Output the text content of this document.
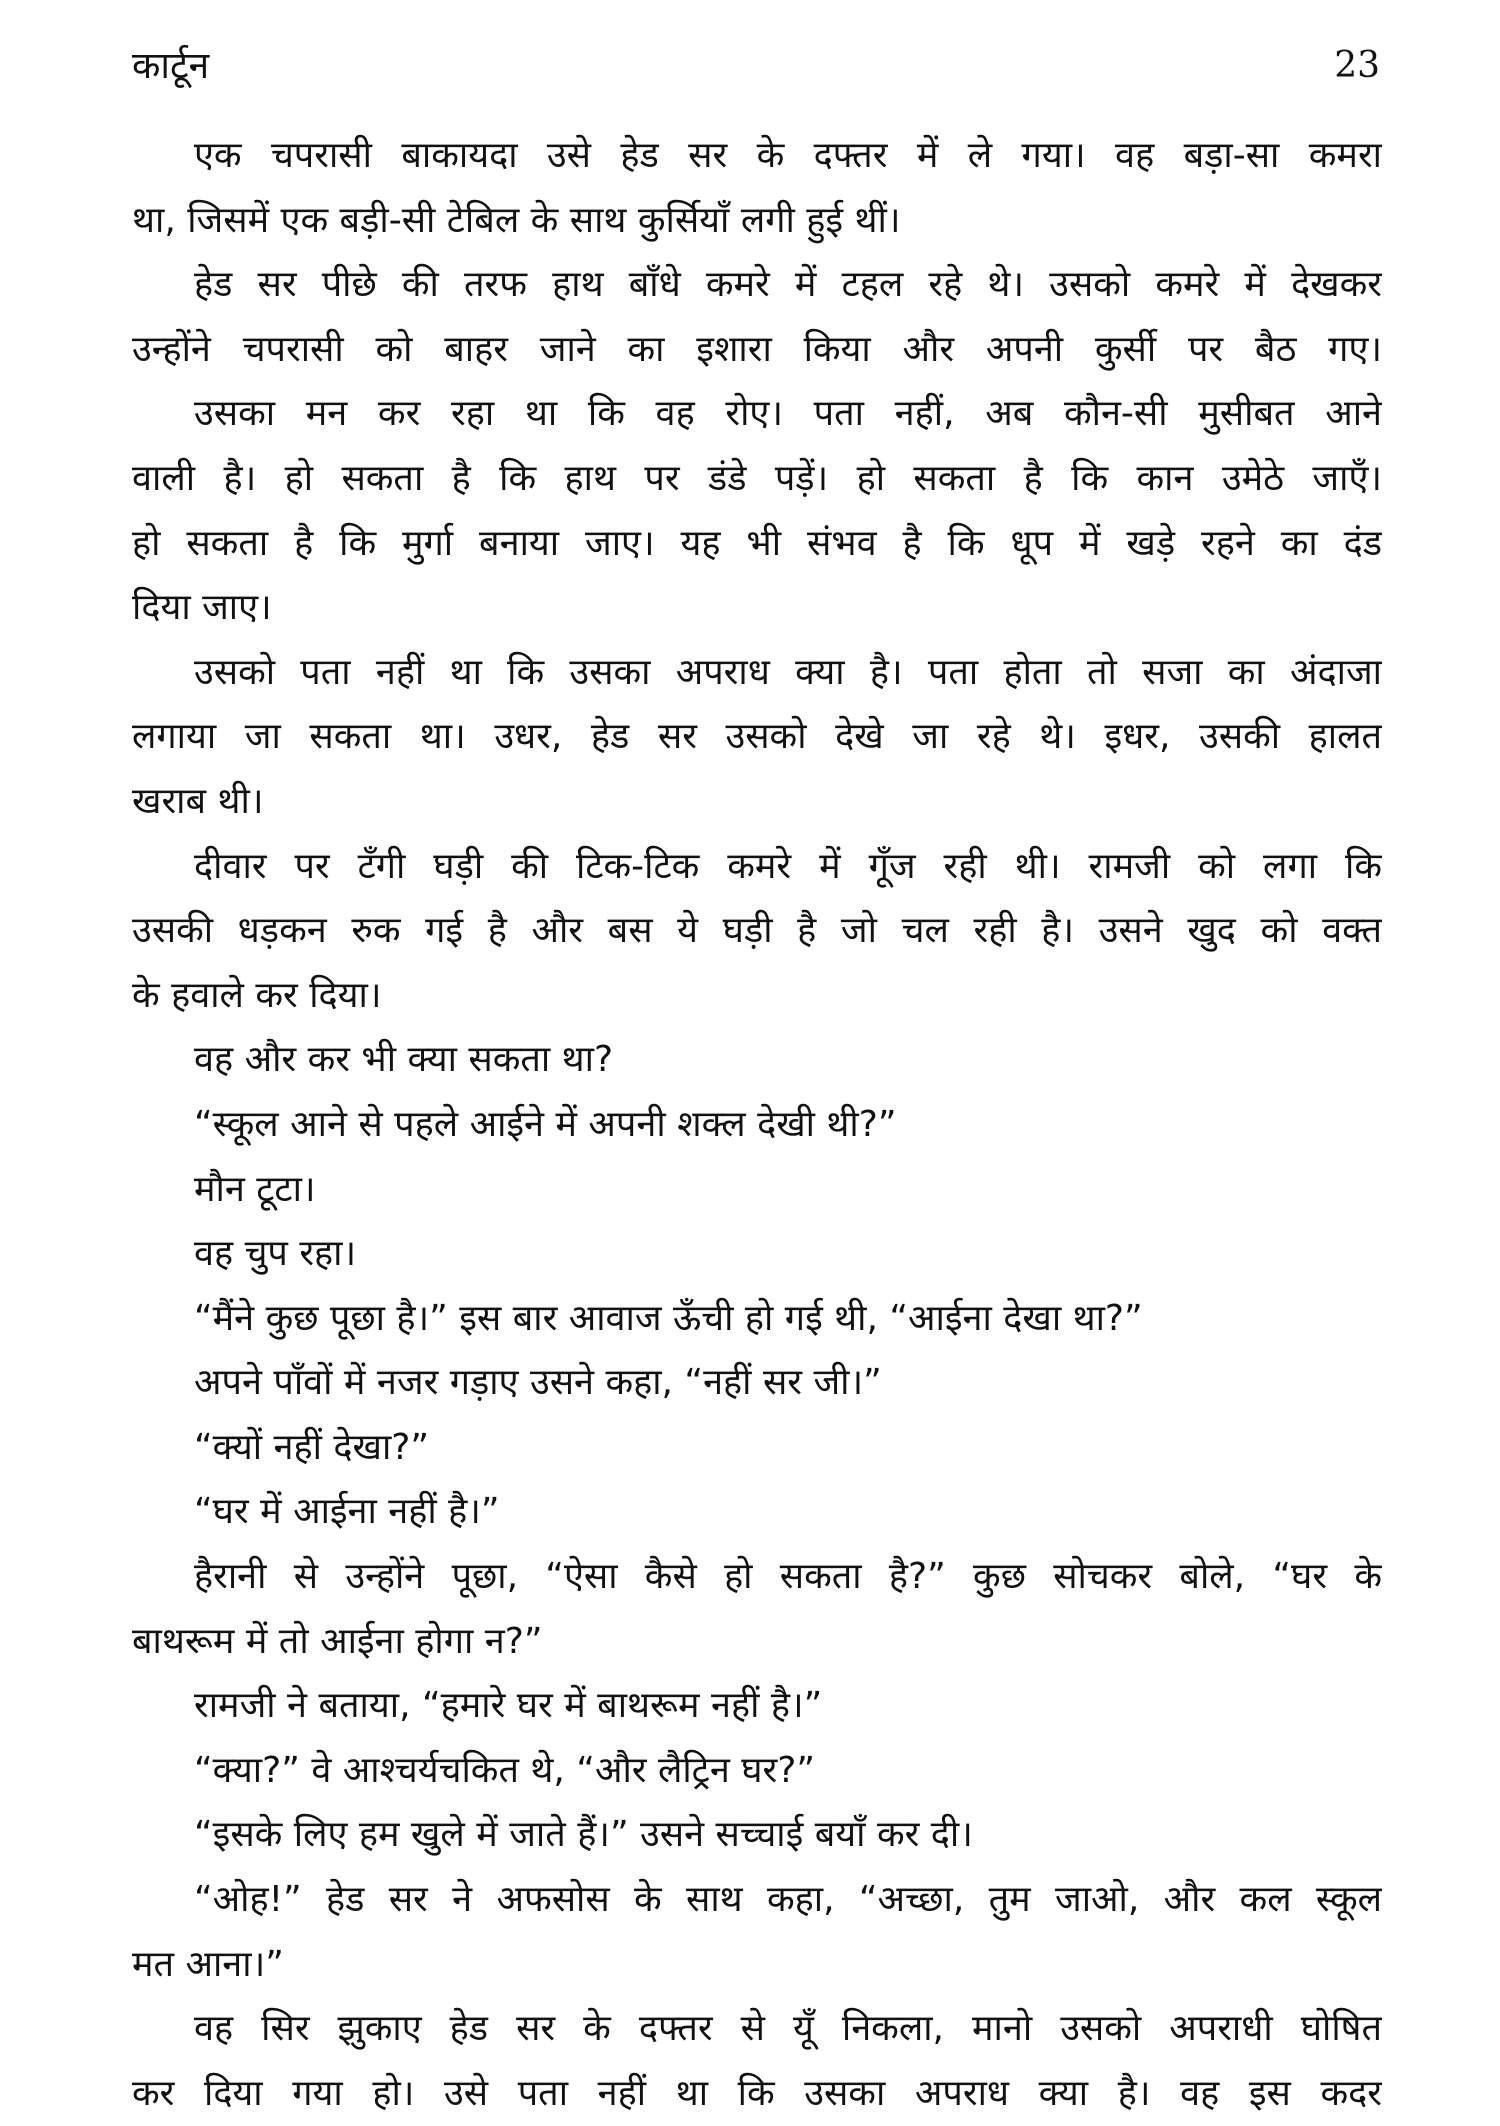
कार्टून	23
एक चपरासी बाकायदा उसे हेड सर के दफ्तर में ले गया। वह बड़ा-सा कमरा
था, जिसमें एक बड़ी-सी टेबिल के साथ कुर्सियाँ लगी हुई थीं।
हेड सर पीछे की तरफ हाथ बाँधे कमरे में टहल रहे थे। उसको कमरे में देखकर
उन्होंने चपरासी को बाहर जाने का इशारा किया और अपनी कुर्सी पर बैठ गए।
उसका मन कर रहा था कि वह रोए। पता नहीं, अब कौन-सी मुसीबत आने
वाली है। हो सकता है कि हाथ पर डंडे पड़ें। हो सकता है कि कान उमेठे जाएँ।
हो सकता है कि मुर्गा बनाया जाए। यह भी संभव है कि धूप में खड़े रहने का दंड
दिया जाए।
उसको पता नहीं था कि उसका अपराध क्या है। पता होता तो सजा का अंदाजा
लगाया जा सकता था। उधर, हेड सर उसको देखे जा रहे थे। इधर, उसकी हालत
खराब थी।
दीवार पर टँगी घड़ी की टिक-टिक कमरे में गूँज रही थी। रामजी को लगा कि
उसकी धड़कन रुक गई है और बस ये घड़ी है जो चल रही है। उसने खुद को वक्त
के हवाले कर दिया।
वह और कर भी क्या सकता था?
“स्कूल आने से पहले आईने में अपनी शक्ल देखी थी?”
मौन टूटा।
वह चुप रहा।
“मैंने कुछ पूछा है।” इस बार आवाज ऊँची हो गई थी, “आईना देखा था?”
अपने पाँवों में नजर गड़ाए उसने कहा, “नहीं सर जी।”
“क्यों नहीं देखा?”
“घर में आईना नहीं है।”
हैरानी से उन्होंने पूछा, “ऐसा कैसे हो सकता है?” कुछ सोचकर बोले, “घर के
बाथरूम में तो आईना होगा न?”
रामजी ने बताया, “हमारे घर में बाथरूम नहीं है।”
“क्या?” वे आश्चर्यचकित थे, “और लैट्रिन घर?”
“इसके लिए हम खुले में जाते हैं।” उसने सच्चाई बयाँ कर दी।
“ओह!” हेड सर ने अफसोस के साथ कहा, “अच्छा, तुम जाओ, और कल स्कूल
मत आना।”
वह सिर झुकाए हेड सर के दफ्तर से यूँ निकला, मानो उसको अपराधी घोषित
कर दिया गया हो। उसे पता नहीं था कि उसका अपराध क्या है। वह इस कदर
